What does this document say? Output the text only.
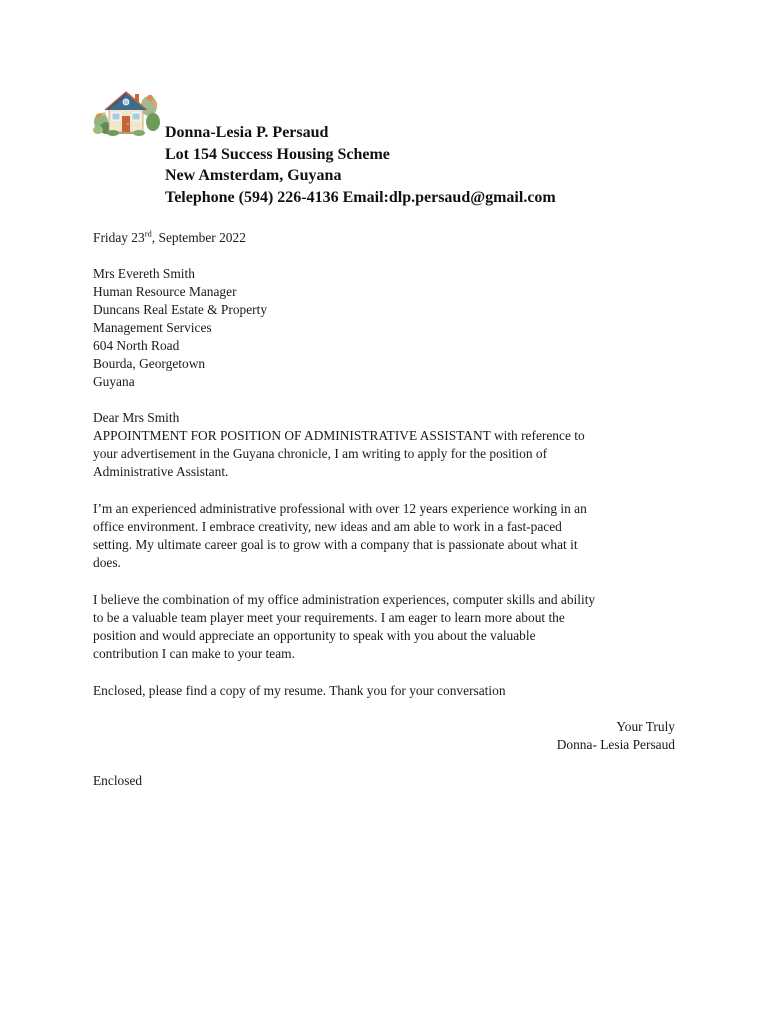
Donna-Lesia P. Persaud
Lot 154 Success Housing Scheme
New Amsterdam, Guyana
Telephone (594) 226-4136 Email:dlp.persaud@gmail.com
Friday 23rd, September 2022
Mrs Evereth Smith
Human Resource Manager
Duncans Real Estate & Property
Management Services
604 North Road
Bourda, Georgetown
Guyana
Dear Mrs Smith
APPOINTMENT FOR POSITION OF ADMINISTRATIVE ASSISTANT with reference to
your advertisement in the Guyana chronicle, I am writing to apply for the position of
Administrative Assistant.
I’m an experienced administrative professional with over 12 years experience working in an
office environment. I embrace creativity, new ideas and am able to work in a fast-paced
setting. My ultimate career goal is to grow with a company that is passionate about what it
does.
I believe the combination of my office administration experiences, computer skills and ability
to be a valuable team player meet your requirements. I am eager to learn more about the
position and would appreciate an opportunity to speak with you about the valuable
contribution I can make to your team.
Enclosed, please find a copy of my resume. Thank you for your conversation
Your Truly
Donna- Lesia Persaud
Enclosed
